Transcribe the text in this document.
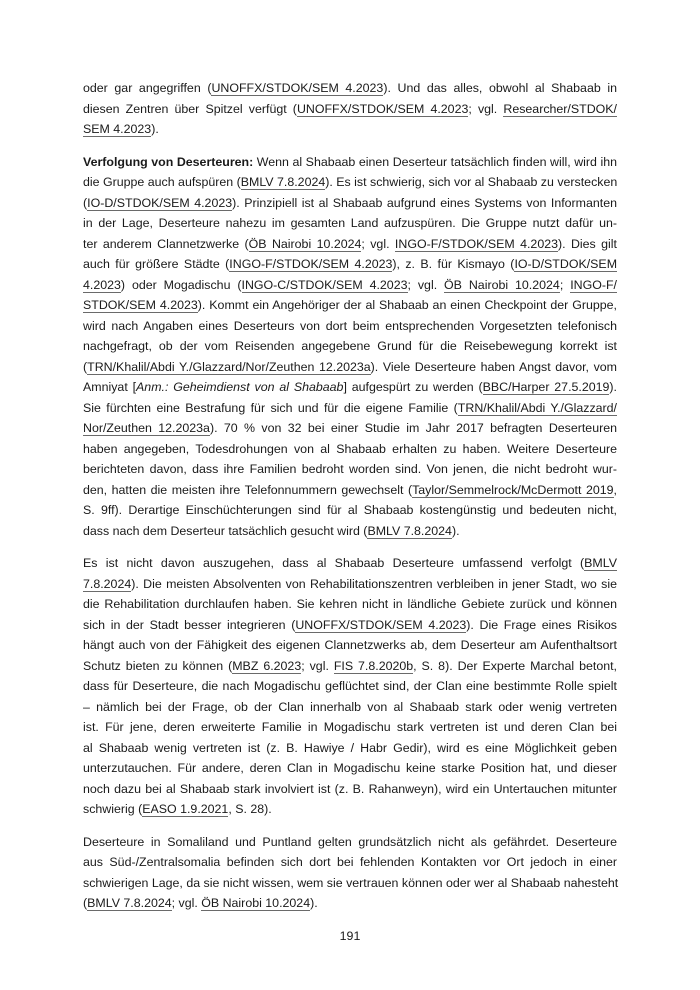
oder gar angegriffen (UNOFFX/STDOK/SEM 4.2023). Und das alles, obwohl al Shabaab in
diesen Zentren über Spitzel verfügt (UNOFFX/STDOK/SEM 4.2023; vgl. Researcher/STDOK/
SEM 4.2023).

Verfolgung von Deserteuren: Wenn al Shabaab einen Deserteur tatsächlich finden will, wird ihn
die Gruppe auch aufspüren (BMLV 7.8.2024). Es ist schwierig, sich vor al Shabaab zu verstecken
(IO-D/STDOK/SEM 4.2023). Prinzipiell ist al Shabaab aufgrund eines Systems von Informanten
in der Lage, Deserteure nahezu im gesamten Land aufzuspüren. Die Gruppe nutzt dafür un-
ter anderem Clannetzwerke (ÖB Nairobi 10.2024; vgl. INGO-F/STDOK/SEM 4.2023). Dies gilt
auch für größere Städte (INGO-F/STDOK/SEM 4.2023), z. B. für Kismayo (IO-D/STDOK/SEM
4.2023) oder Mogadischu (INGO-C/STDOK/SEM 4.2023; vgl. ÖB Nairobi 10.2024; INGO-F/
STDOK/SEM 4.2023). Kommt ein Angehöriger der al Shabaab an einen Checkpoint der Gruppe,
wird nach Angaben eines Deserteurs von dort beim entsprechenden Vorgesetzten telefonisch
nachgefragt, ob der vom Reisenden angegebene Grund für die Reisebewegung korrekt ist
(TRN/Khalil/Abdi Y./Glazzard/Nor/Zeuthen 12.2023a). Viele Deserteure haben Angst davor, vom
Amniyat [Anm.: Geheimdienst von al Shabaab] aufgespürt zu werden (BBC/Harper 27.5.2019).
Sie fürchten eine Bestrafung für sich und für die eigene Familie (TRN/Khalil/Abdi Y./Glazzard/
Nor/Zeuthen 12.2023a). 70 % von 32 bei einer Studie im Jahr 2017 befragten Deserteuren
haben angegeben, Todesdrohungen von al Shabaab erhalten zu haben. Weitere Deserteure
berichteten davon, dass ihre Familien bedroht worden sind. Von jenen, die nicht bedroht wur-
den, hatten die meisten ihre Telefonnummern gewechselt (Taylor/Semmelrock/McDermott 2019,
S. 9ff). Derartige Einschüchterungen sind für al Shabaab kostengünstig und bedeuten nicht,
dass nach dem Deserteur tatsächlich gesucht wird (BMLV 7.8.2024).

Es ist nicht davon auszugehen, dass al Shabaab Deserteure umfassend verfolgt (BMLV
7.8.2024). Die meisten Absolventen von Rehabilitationszentren verbleiben in jener Stadt, wo sie
die Rehabilitation durchlaufen haben. Sie kehren nicht in ländliche Gebiete zurück und können
sich in der Stadt besser integrieren (UNOFFX/STDOK/SEM 4.2023). Die Frage eines Risikos
hängt auch von der Fähigkeit des eigenen Clannetzwerks ab, dem Deserteur am Aufenthaltsort
Schutz bieten zu können (MBZ 6.2023; vgl. FIS 7.8.2020b, S. 8). Der Experte Marchal betont,
dass für Deserteure, die nach Mogadischu geflüchtet sind, der Clan eine bestimmte Rolle spielt
– nämlich bei der Frage, ob der Clan innerhalb von al Shabaab stark oder wenig vertreten
ist. Für jene, deren erweiterte Familie in Mogadischu stark vertreten ist und deren Clan bei
al Shabaab wenig vertreten ist (z. B. Hawiye / Habr Gedir), wird es eine Möglichkeit geben
unterzutauchen. Für andere, deren Clan in Mogadischu keine starke Position hat, und dieser
noch dazu bei al Shabaab stark involviert ist (z. B. Rahanweyn), wird ein Untertauchen mitunter
schwierig (EASO 1.9.2021, S. 28).

Deserteure in Somaliland und Puntland gelten grundsätzlich nicht als gefährdet. Deserteure
aus Süd-/Zentralsomalia befinden sich dort bei fehlenden Kontakten vor Ort jedoch in einer
schwierigen Lage, da sie nicht wissen, wem sie vertrauen können oder wer al Shabaab nahesteht
(BMLV 7.8.2024; vgl. ÖB Nairobi 10.2024).

191
